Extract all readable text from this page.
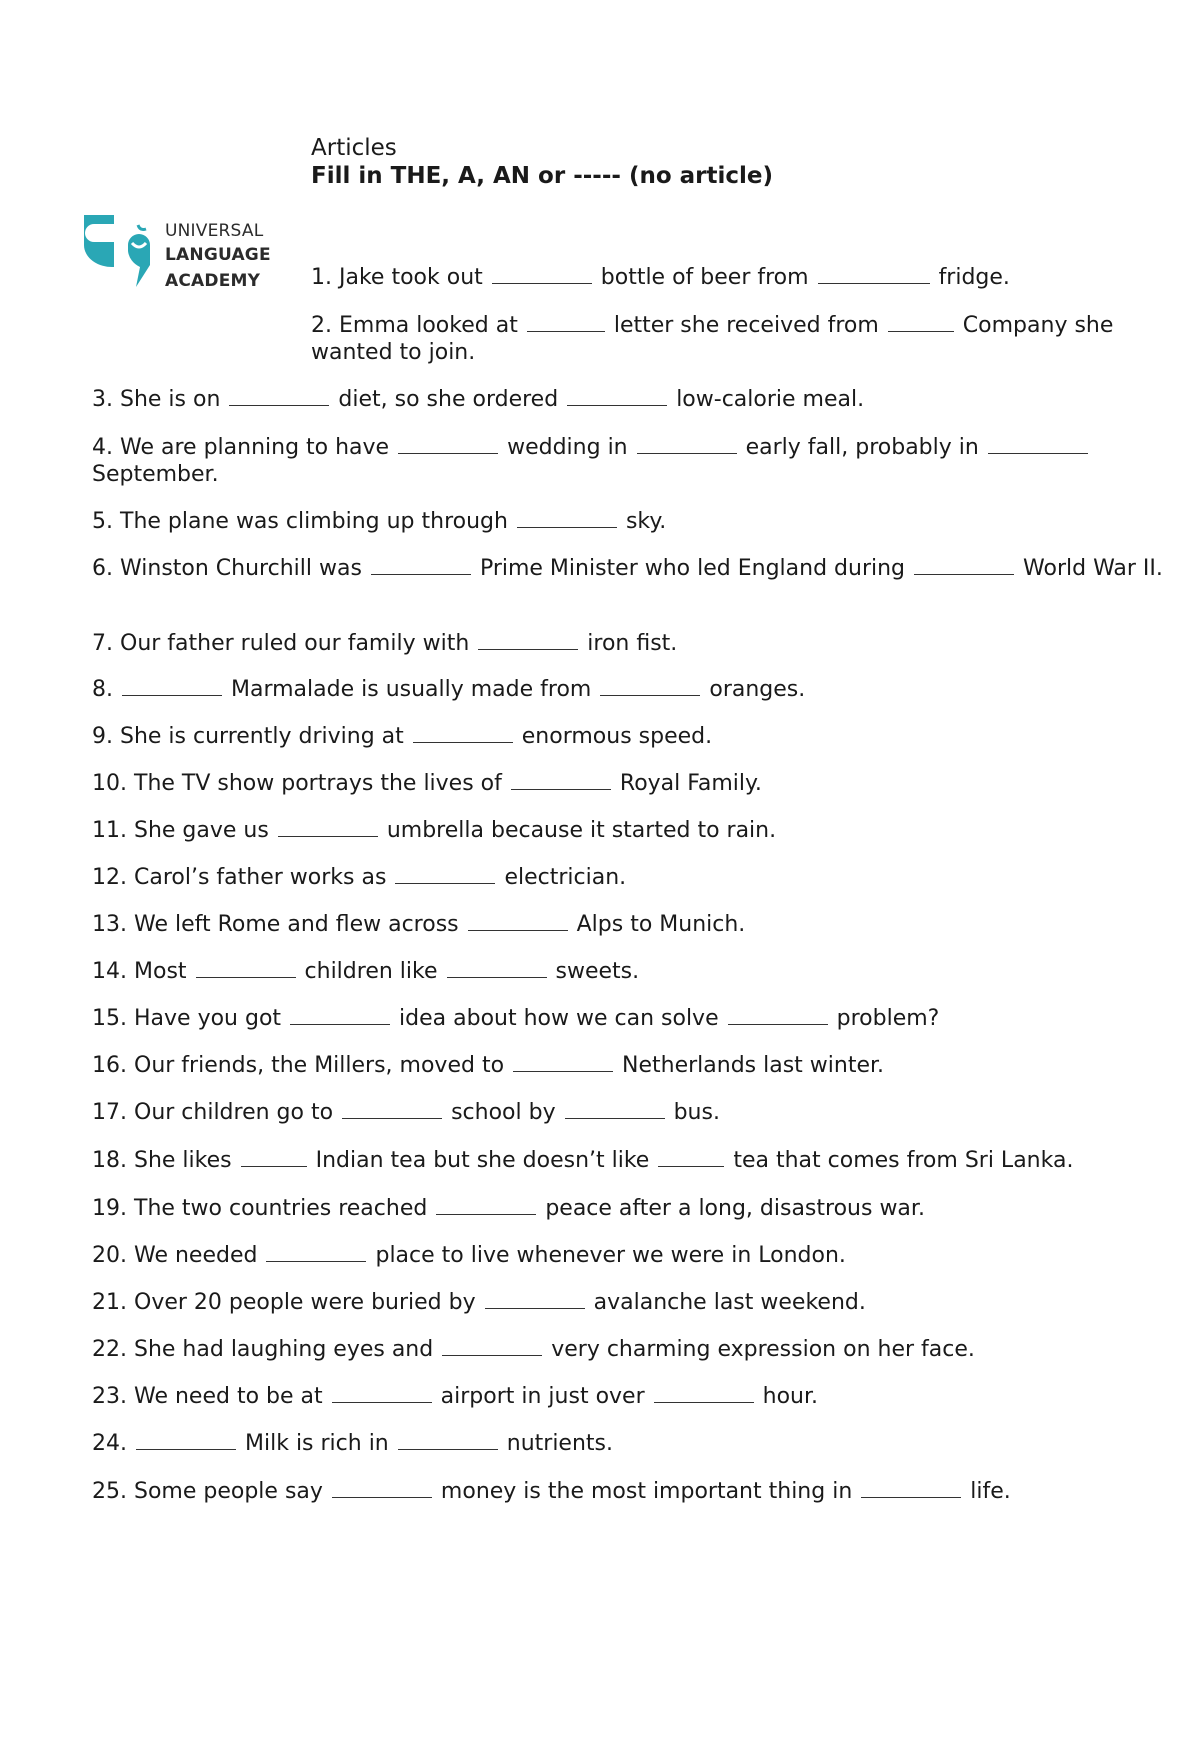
Articles
Fill in THE, A, AN or ----- (no article)
UNIVERSAL
LANGUAGE
ACADEMY 1. Jake took out	bottle of beer from	fridge.
2. Emma looked at	letter she received from	Company she wanted to join.
3. She is on	diet, so she ordered	low-calorie meal.
4. We are planning to have	wedding in	early fall, probably in  September.
5. The plane was climbing up through	sky.
6. Winston Churchill was	Prime Minister who led England during	World War II.
7. Our father ruled our family with	iron fist.
8.	Marmalade is usually made from	oranges.
9. She is currently driving at	enormous speed.
10. The TV show portrays the lives of	Royal Family.
11. She gave us	umbrella because it started to rain.
12. Carol’s father works as	electrician.
13. We left Rome and flew across	Alps to Munich.
14. Most	children like	sweets.
15. Have you got	idea about how we can solve	problem?
16. Our friends, the Millers, moved to	Netherlands last winter.
17. Our children go to	school by	bus.
18. She likes	Indian tea but she doesn’t like	tea that comes from Sri Lanka.
19. The two countries reached	peace after a long, disastrous war.
20. We needed	place to live whenever we were in London.
21. Over 20 people were buried by	avalanche last weekend.
22. She had laughing eyes and	very charming expression on her face.
23. We need to be at	airport in just over	hour.
24.	Milk is rich in	nutrients.
25. Some people say	money is the most important thing in	life.
